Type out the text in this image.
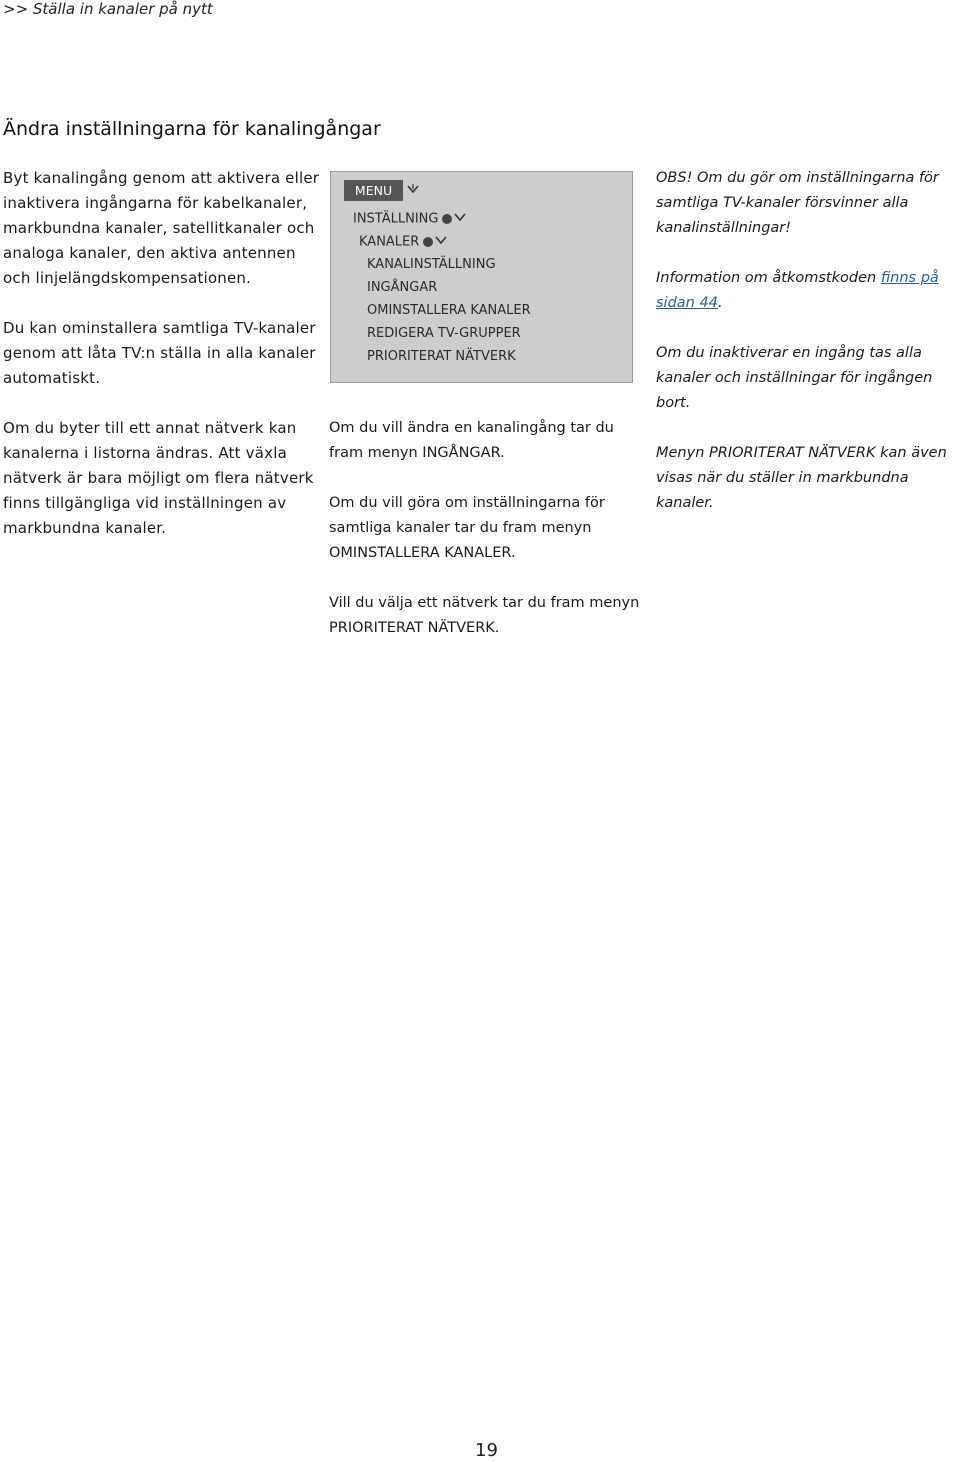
>> Ställa in kanaler på nytt
Ändra inställningarna för kanalingångar

Byt kanalingång genom att aktivera eller inaktivera ingångarna för kabelkanaler, markbundna kanaler, satellitkanaler och analoga kanaler, den aktiva antennen och linjelängdskompensationen.

Du kan ominstallera samtliga TV-kanaler genom att låta TV:n ställa in alla kanaler automatiskt.

Om du byter till ett annat nätverk kan kanalerna i listorna ändras. Att växla nätverk är bara möjligt om flera nätverk finns tillgängliga vid inställningen av markbundna kanaler.

MENU
INSTÄLLNING
KANALER
KANALINSTÄLLNING
INGÅNGAR
OMINSTALLERA KANALER
REDIGERA TV-GRUPPER
PRIORITERAT NÄTVERK

Om du vill ändra en kanalingång tar du fram menyn INGÅNGAR.

Om du vill göra om inställningarna för samtliga kanaler tar du fram menyn OMINSTALLERA KANALER.

Vill du välja ett nätverk tar du fram menyn PRIORITERAT NÄTVERK.

OBS! Om du gör om inställningarna för samtliga TV-kanaler försvinner alla kanalinställningar!

Information om åtkomstkoden finns på sidan 44.

Om du inaktiverar en ingång tas alla kanaler och inställningar för ingången bort.

Menyn PRIORITERAT NÄTVERK kan även visas när du ställer in markbundna kanaler.

19
